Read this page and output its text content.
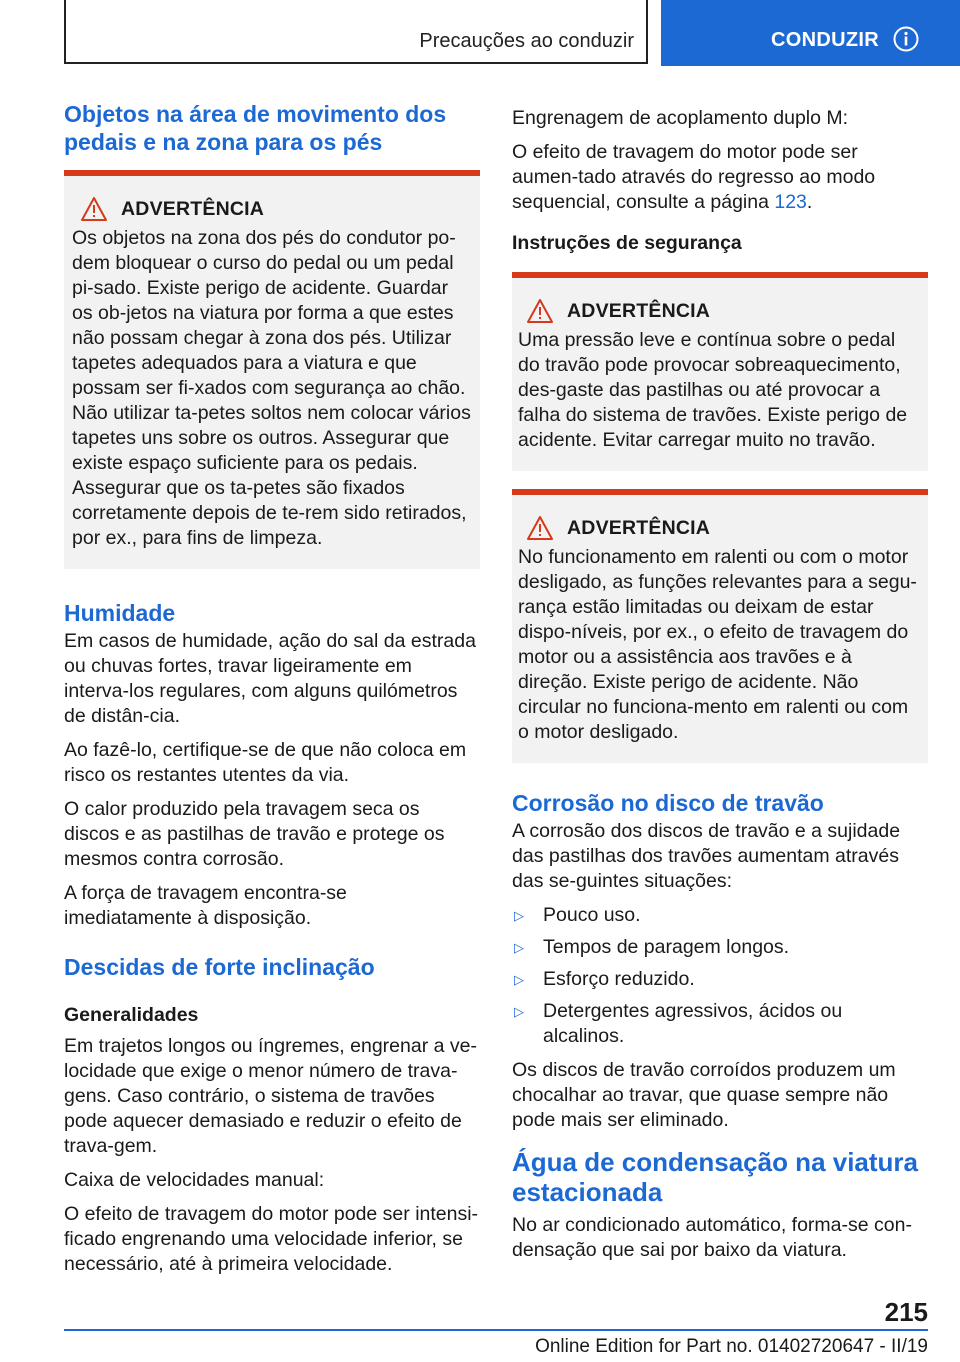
Precauções ao conduzir	CONDUZIR
Objetos na área de movimento dos pedais e na zona para os pés
ADVERTÊNCIA

Os objetos na zona dos pés do condutor po-dem bloquear o curso do pedal ou um pedal pi-sado. Existe perigo de acidente. Guardar os ob-jetos na viatura por forma a que estes não possam chegar à zona dos pés. Utilizar tapetes adequados para a viatura e que possam ser fi-xados com segurança ao chão. Não utilizar ta-petes soltos nem colocar vários tapetes uns sobre os outros. Assegurar que existe espaço suficiente para os pedais. Assegurar que os ta-petes são fixados corretamente depois de te-rem sido retirados, por ex., para fins de limpeza.

Humidade

Em casos de humidade, ação do sal da estrada ou chuvas fortes, travar ligeiramente em interva-los regulares, com alguns quilómetros de distân-cia.

Ao fazê-lo, certifique-se de que não coloca em risco os restantes utentes da via.

O calor produzido pela travagem seca os discos e as pastilhas de travão e protege os mesmos contra corrosão.

A força de travagem encontra-se imediatamente à disposição.

Descidas de forte inclinação
Generalidades

Em trajetos longos ou íngremes, engrenar a ve-locidade que exige o menor número de trava-gens. Caso contrário, o sistema de travões pode aquecer demasiado e reduzir o efeito de trava-gem.

Caixa de velocidades manual:

O efeito de travagem do motor pode ser intensi-ficado engrenando uma velocidade inferior, se necessário, até à primeira velocidade.

Engrenagem de acoplamento duplo M:

O efeito de travagem do motor pode ser aumen-tado através do regresso ao modo sequencial, consulte a página 123.

Instruções de segurança
ADVERTÊNCIA

Uma pressão leve e contínua sobre o pedal do travão pode provocar sobreaquecimento, des-gaste das pastilhas ou até provocar a falha do sistema de travões. Existe perigo de acidente. Evitar carregar muito no travão.

ADVERTÊNCIA

No funcionamento em ralenti ou com o motor desligado, as funções relevantes para a segu-rança estão limitadas ou deixam de estar dispo-níveis, por ex., o efeito de travagem do motor ou a assistência aos travões e à direção. Existe perigo de acidente. Não circular no funciona-mento em ralenti ou com o motor desligado.

Corrosão no disco de travão

A corrosão dos discos de travão e a sujidade das pastilhas dos travões aumentam através das se-guintes situações:

▷ Pouco uso.
▷ Tempos de paragem longos.
▷ Esforço reduzido.
▷ Detergentes agressivos, ácidos ou alcalinos.

Os discos de travão corroídos produzem um chocalhar ao travar, que quase sempre não pode mais ser eliminado.

Água de condensação na viatura estacionada

No ar condicionado automático, forma-se con-densação que sai por baixo da viatura.

215
Online Edition for Part no. 01402720647 - II/19
